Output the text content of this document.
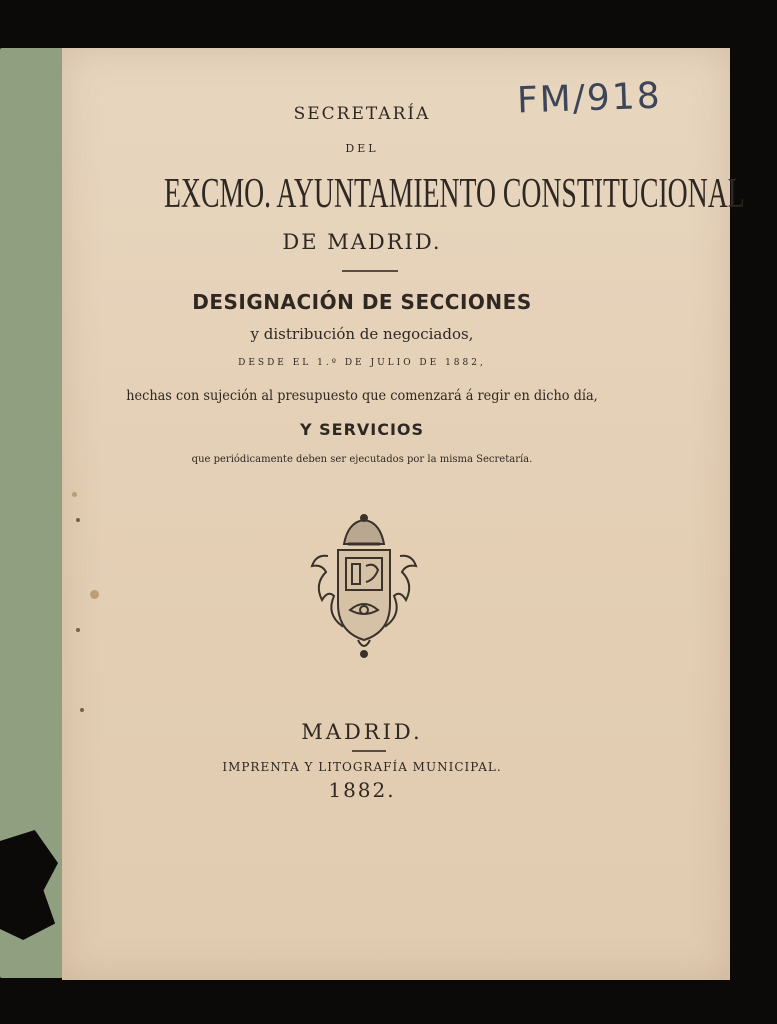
FM/918
SECRETARÍA
DEL
EXCMO. AYUNTAMIENTO CONSTITUCIONAL
DE MADRID.
DESIGNACIÓN DE SECCIONES
y distribución de negociados,
DESDE EL 1.º DE JULIO DE 1882,
hechas con sujeción al presupuesto que comenzará á regir en dicho día,
Y SERVICIOS
que periódicamente deben ser ejecutados por la misma Secretaría.
MADRID.
IMPRENTA Y LITOGRAFÍA MUNICIPAL.
1882.
